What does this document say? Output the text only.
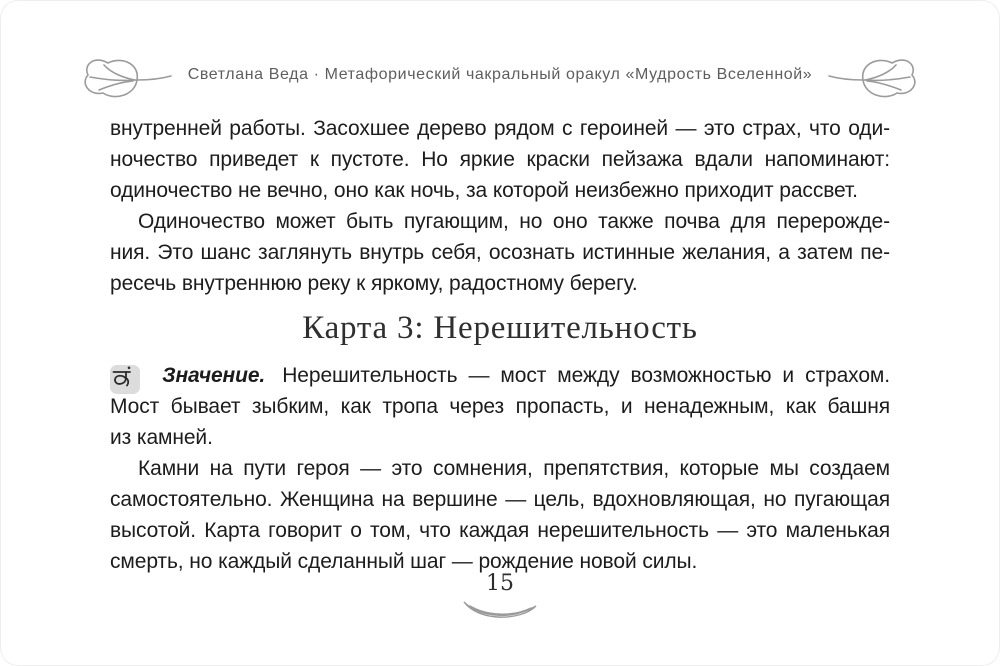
Светлана Веда · Метафорический чакральный оракул «Мудрость Вселенной»
внутренней работы. Засохшее дерево рядом с героиней — это страх, что оди-
ночество приведет к пустоте. Но яркие краски пейзажа вдали напоминают:
одиночество не вечно, оно как ночь, за которой неизбежно приходит рассвет.
Одиночество может быть пугающим, но оно также почва для перерожде-
ния. Это шанс заглянуть внутрь себя, осознать истинные желания, а затем пе-
ресечь внутреннюю реку к яркому, радостному берегу.
Карта 3: Нерешительность
Значение. Нерешительность — мост между возможностью и страхом.
Мост бывает зыбким, как тропа через пропасть, и ненадежным, как башня
из камней.
Камни на пути героя — это сомнения, препятствия, которые мы создаем
самостоятельно. Женщина на вершине — цель, вдохновляющая, но пугающая
высотой. Карта говорит о том, что каждая нерешительность — это маленькая
смерть, но каждый сделанный шаг — рождение новой силы.
15
